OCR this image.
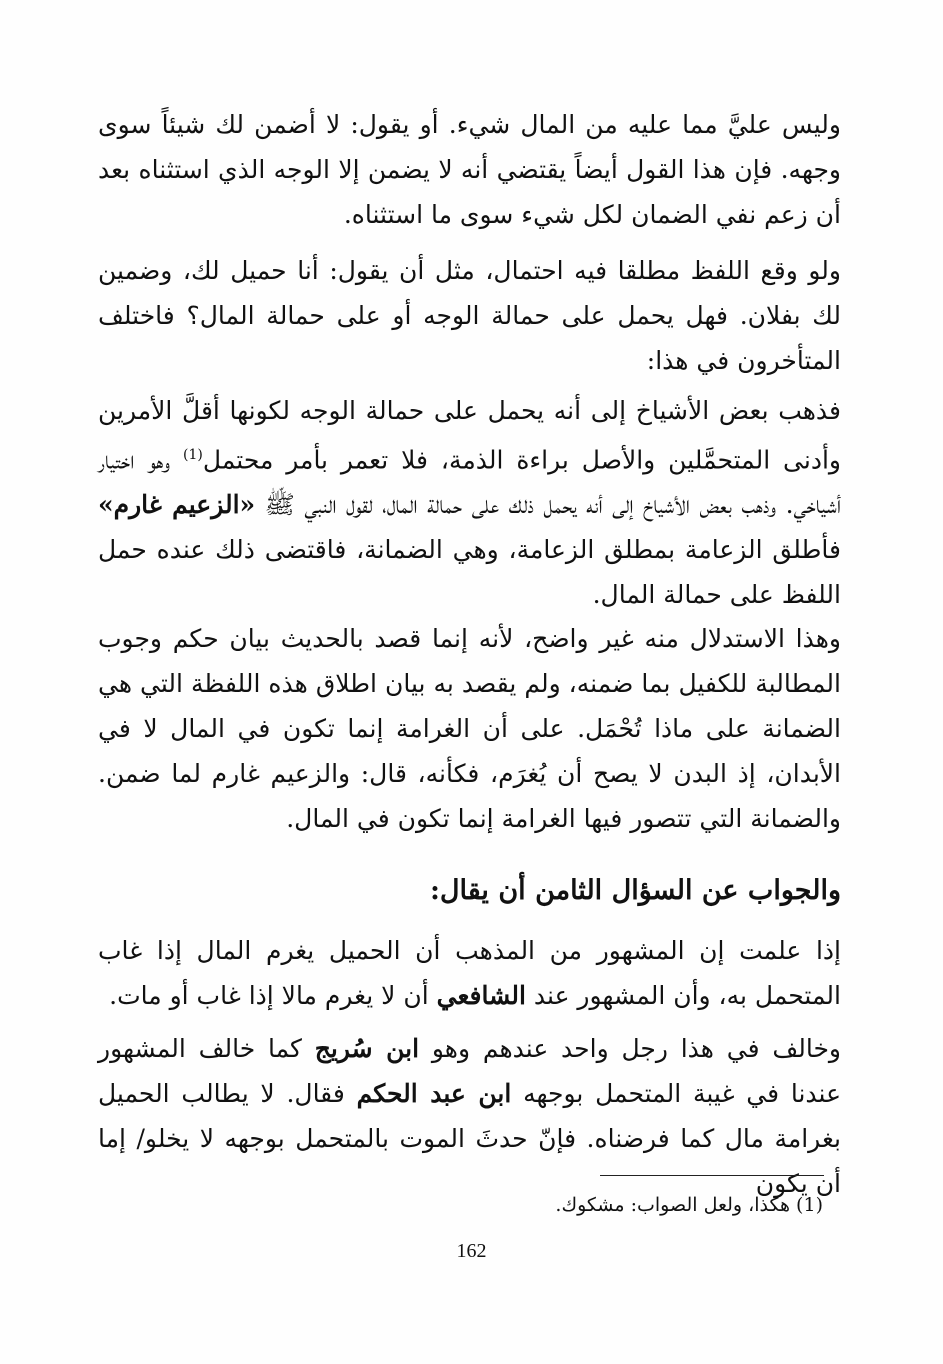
وليس عليَّ مما عليه من المال شيء. أو يقول: لا أضمن لك شيئاً سوى وجهه. فإن هذا القول أيضاً يقتضي أنه لا يضمن إلا الوجه الذي استثناه بعد أن زعم نفي الضمان لكل شيء سوى ما استثناه.
ولو وقع اللفظ مطلقا فيه احتمال، مثل أن يقول: أنا حميل لك، وضمين لك بفلان. فهل يحمل على حمالة الوجه أو على حمالة المال؟ فاختلف المتأخرون في هذا:
فذهب بعض الأشياخ إلى أنه يحمل على حمالة الوجه لكونها أقلَّ الأمرين وأدنى المتحمَّلين والأصل براءة الذمة، فلا تعمر بأمر محتمل$^{(1)}$ وهو اختيار أشياخي. وذهب بعض الأشياخ إلى أنه يحمل ذلك على حمالة المال، لقول النبي ﷺ «الزعيم غارم» فأطلق الزعامة بمطلق الزعامة، وهي الضمانة، فاقتضى ذلك عنده حمل اللفظ على حمالة المال.
وهذا الاستدلال منه غير واضح، لأنه إنما قصد بالحديث بيان حكم وجوب المطالبة للكفيل بما ضمنه، ولم يقصد به بيان اطلاق هذه اللفظة التي هي الضمانة على ماذا تُحْمَل. على أن الغرامة إنما تكون في المال لا في الأبدان، إذ البدن لا يصح أن يُغرَم، فكأنه، قال: والزعيم غارم لما ضمن. والضمانة التي تتصور فيها الغرامة إنما تكون في المال.
والجواب عن السؤال الثامن أن يقال:
إذا علمت إن المشهور من المذهب أن الحميل يغرم المال إذا غاب المتحمل به، وأن المشهور عند الشافعي أن لا يغرم مالا إذا غاب أو مات.
وخالف في هذا رجل واحد عندهم وهو ابن سُريج كما خالف المشهور عندنا في غيبة المتحمل بوجهه ابن عبد الحكم فقال. لا يطالب الحميل بغرامة مال كما فرضناه. فإنّ حدثَ الموت بالمتحمل بوجهه لا يخلو/ إما أن يكون
(1) هكذا، ولعل الصواب: مشكوك.
162
